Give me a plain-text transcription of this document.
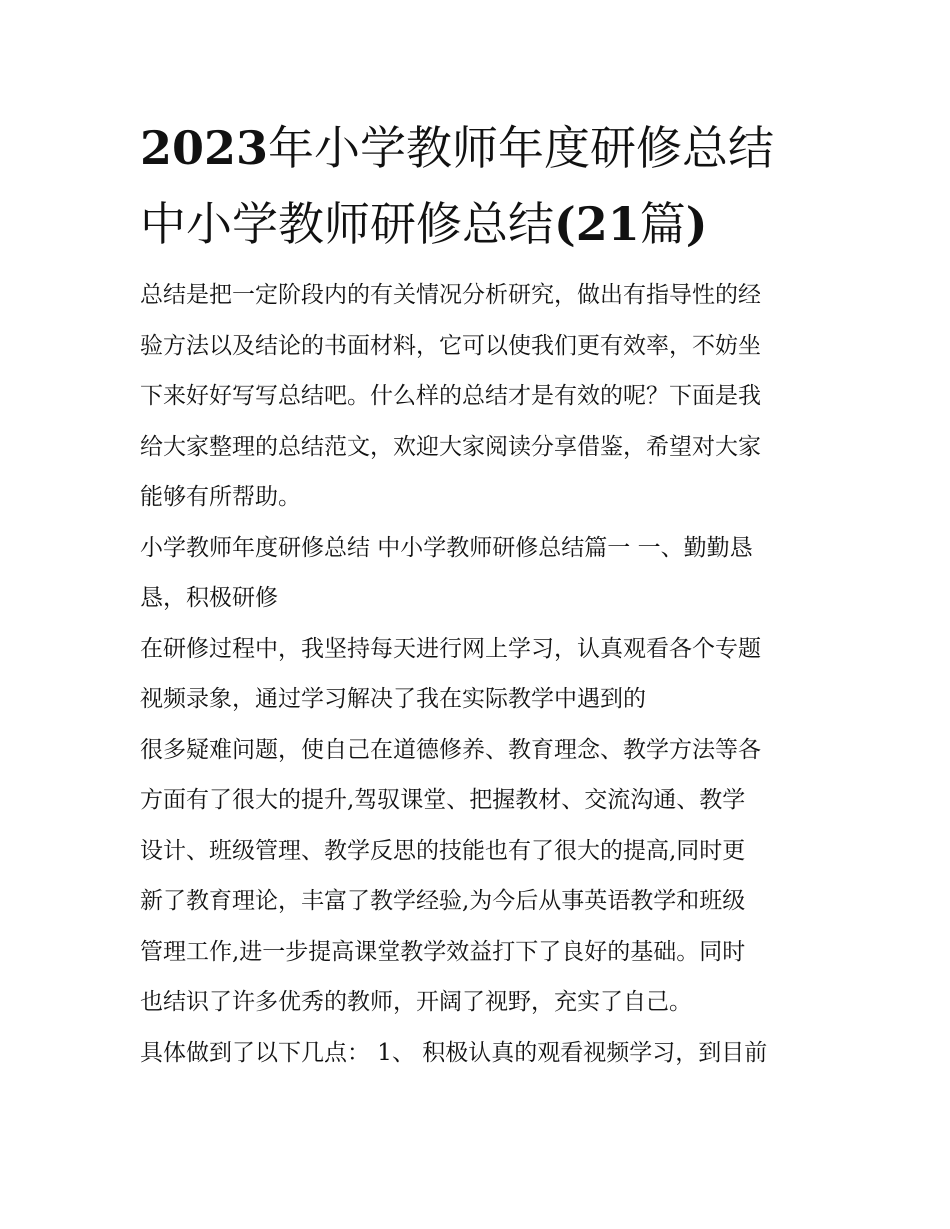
2023年小学教师年度研修总结
中小学教师研修总结(21篇)
总结是把一定阶段内的有关情况分析研究，做出有指导性的经
验方法以及结论的书面材料，它可以使我们更有效率，不妨坐
下来好好写写总结吧。什么样的总结才是有效的呢？下面是我
给大家整理的总结范文，欢迎大家阅读分享借鉴，希望对大家
能够有所帮助。
小学教师年度研修总结 中小学教师研修总结篇一 一、勤勤恳
恳，积极研修
在研修过程中，我坚持每天进行网上学习，认真观看各个专题
视频录象，通过学习解决了我在实际教学中遇到的
很多疑难问题，使自己在道德修养、教育理念、教学方法等各
方面有了很大的提升,驾驭课堂、把握教材、交流沟通、教学
设计、班级管理、教学反思的技能也有了很大的提高,同时更
新了教育理论，丰富了教学经验,为今后从事英语教学和班级
管理工作,进一步提高课堂教学效益打下了良好的基础。同时
也结识了许多优秀的教师，开阔了视野，充实了自己。
具体做到了以下几点： 1、 积极认真的观看视频学习，到目前
